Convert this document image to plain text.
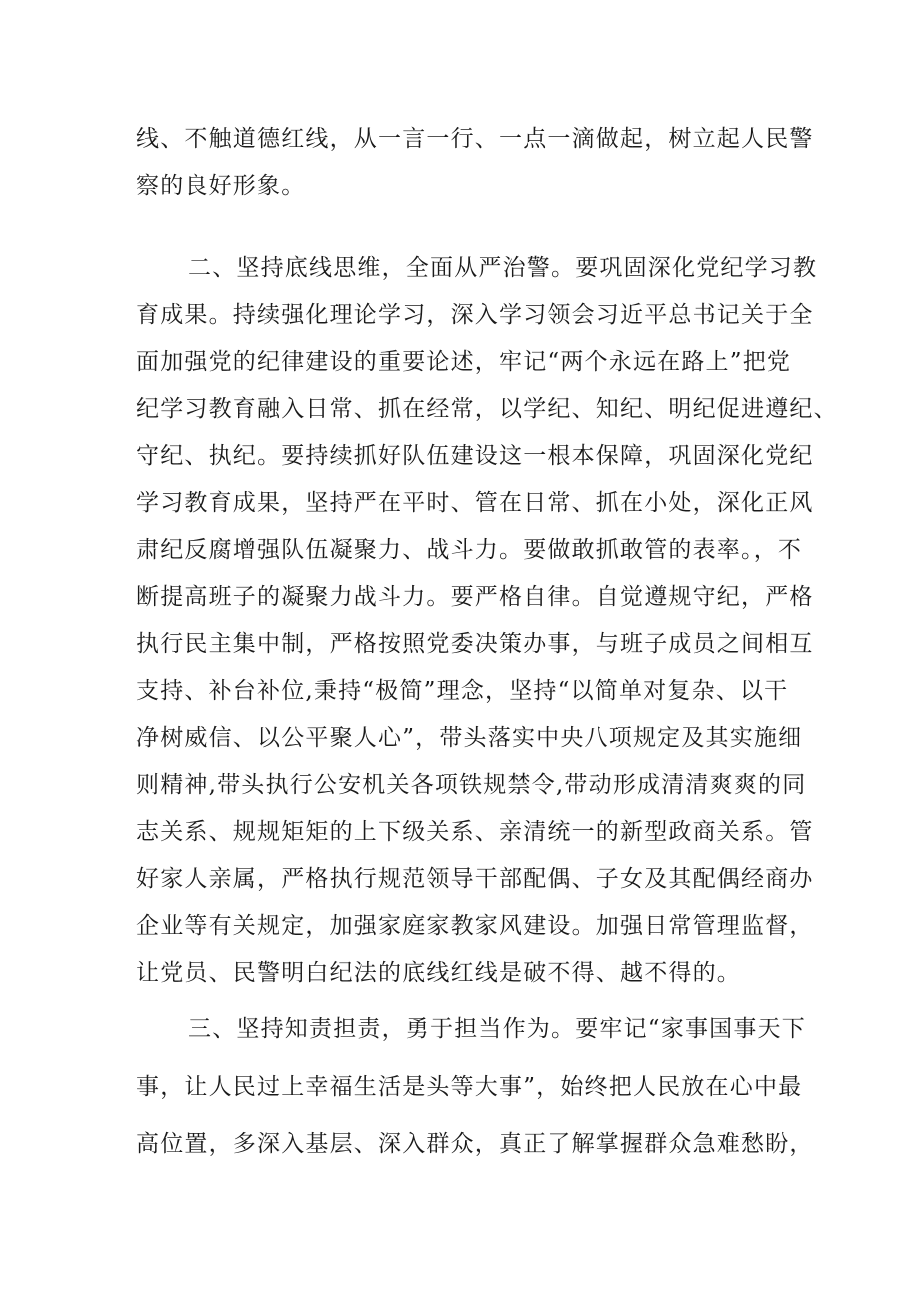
线、不触道德红线，从一言一行、一点一滴做起，树立起人民警
察的良好形象。
二、坚持底线思维，全面从严治警。要巩固深化党纪学习教
育成果。持续强化理论学习，深入学习领会习近平总书记关于全
面加强党的纪律建设的重要论述，牢记“两个永远在路上”把党
纪学习教育融入日常、抓在经常，以学纪、知纪、明纪促进遵纪、
守纪、执纪。要持续抓好队伍建设这一根本保障，巩固深化党纪
学习教育成果，坚持严在平时、管在日常、抓在小处，深化正风
肃纪反腐增强队伍凝聚力、战斗力。要做敢抓敢管的表率。，不
断提高班子的凝聚力战斗力。要严格自律。自觉遵规守纪，严格
执行民主集中制，严格按照党委决策办事，与班子成员之间相互
支持、补台补位,秉持“极简”理念，坚持“以简单对复杂、以干
净树威信、以公平聚人心”，带头落实中央八项规定及其实施细
则精神,带头执行公安机关各项铁规禁令,带动形成清清爽爽的同
志关系、规规矩矩的上下级关系、亲清统一的新型政商关系。管
好家人亲属，严格执行规范领导干部配偶、子女及其配偶经商办
企业等有关规定，加强家庭家教家风建设。加强日常管理监督，
让党员、民警明白纪法的底线红线是破不得、越不得的。
三、坚持知责担责，勇于担当作为。要牢记“家事国事天下
事，让人民过上幸福生活是头等大事”，始终把人民放在心中最
高位置，多深入基层、深入群众，真正了解掌握群众急难愁盼，
